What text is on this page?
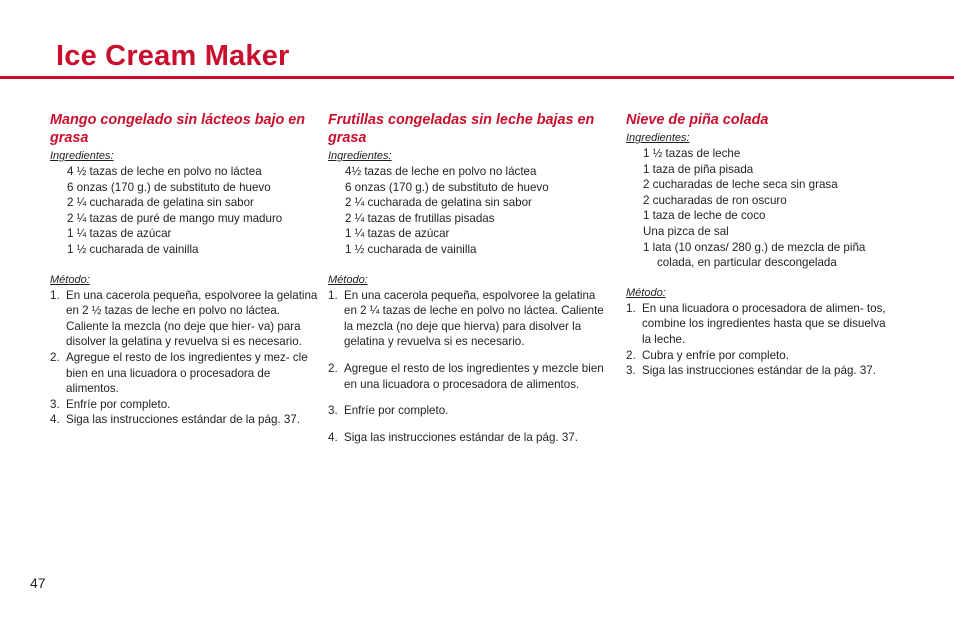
Ice Cream Maker
Mango congelado sin lácteos bajo en grasa
Ingredientes:
4 ½ tazas de leche en polvo no láctea
6 onzas (170 g.) de substituto de huevo
2 ¼ cucharada de gelatina sin sabor
2 ¼ tazas de puré de mango muy maduro
1 ¼ tazas de azúcar
1 ½ cucharada de vainilla
Método:
1. En una cacerola pequeña, espolvoree la gelatina en 2 ½ tazas de leche en polvo no láctea. Caliente la mezcla (no deje que hier- va) para disolver la gelatina y revuelva si es necesario.
2. Agregue el resto de los ingredientes y mez- cle bien en una licuadora o procesadora de alimentos.
3. Enfríe por completo.
4. Siga las instrucciones estándar de la pág. 37.
Frutillas congeladas sin leche bajas en grasa
Ingredientes:
4½ tazas de leche en polvo no láctea
6 onzas (170 g.) de substituto de huevo
2 ¼ cucharada de gelatina sin sabor
2 ¼ tazas de frutillas pisadas
1 ¼ tazas de azúcar
1 ½ cucharada de vainilla
Método:
1. En una cacerola pequeña, espolvoree la gelatina en 2 ¼ tazas de leche en polvo no láctea. Caliente la mezcla (no deje que hierva) para disolver la gelatina y revuelva si es necesario.
2. Agregue el resto de los ingredientes y mezcle bien en una licuadora o procesadora de alimentos.
3. Enfríe por completo.
4. Siga las instrucciones estándar de la pág. 37.
Nieve de piña colada
Ingredientes:
1 ½ tazas de leche
1 taza de piña pisada
2 cucharadas de leche seca sin grasa
2 cucharadas de ron oscuro
1 taza de leche de coco
Una pizca de sal
1 lata (10 onzas/ 280 g.) de mezcla de piña colada, en particular descongelada
Método:
1. En una licuadora o procesadora de alimen- tos, combine los ingredientes hasta que se disuelva la leche.
2. Cubra y enfríe por completo.
3. Siga las instrucciones estándar de la pág. 37.
47
